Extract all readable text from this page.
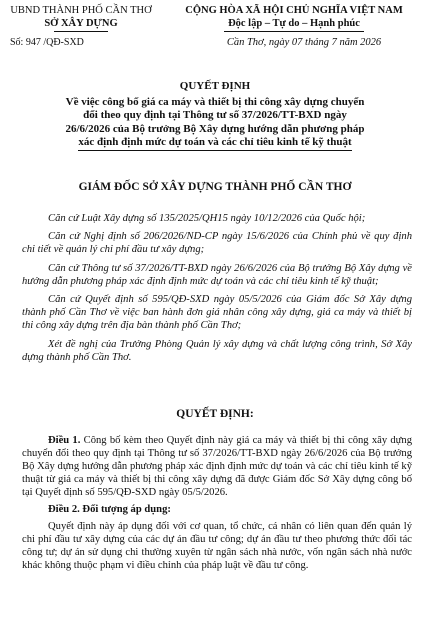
UBND THÀNH PHỐ CẦN THƠ
SỞ XÂY DỰNG
Số: 947 /QĐ-SXD
CỘNG HÒA XÃ HỘI CHỦ NGHĨA VIỆT NAM
Độc lập – Tự do – Hạnh phúc
Cần Thơ, ngày 07 tháng 7 năm 2026
QUYẾT ĐỊNH
Về việc công bố giá ca máy và thiết bị thi công xây dựng chuyển
đổi theo quy định tại Thông tư số 37/2026/TT-BXD ngày
26/6/2026 của Bộ trưởng Bộ Xây dựng hướng dẫn phương pháp
xác định định mức dự toán và các chỉ tiêu kinh tế kỹ thuật
GIÁM ĐỐC SỞ XÂY DỰNG THÀNH PHỐ CẦN THƠ

Căn cứ Luật Xây dựng số 135/2025/QH15 ngày 10/12/2026 của Quốc hội;

Căn cứ Nghị định số 206/2026/ND-CP ngày 15/6/2026 của Chính phủ về quy định chi tiết về quản lý chi phí đầu tư xây dựng;

Căn cứ Thông tư số 37/2026/TT-BXD ngày 26/6/2026 của Bộ trưởng Bộ Xây dựng về hướng dẫn phương pháp xác định định mức dự toán và các chỉ tiêu kinh tế kỹ thuật;

Căn cứ Quyết định số 595/QĐ-SXD ngày 05/5/2026 của Giám đốc Sở Xây dựng thành phố Cần Thơ về việc ban hành đơn giá nhân công xây dựng, giá ca máy và thiết bị thi công xây dựng trên địa bàn thành phố Cần Thơ;

Xét đề nghị của Trưởng Phòng Quản lý xây dựng và chất lượng công trình, Sở Xây dựng thành phố Cần Thơ.

QUYẾT ĐỊNH:

Điều 1. Công bố kèm theo Quyết định này giá ca máy và thiết bị thi công xây dựng chuyển đổi theo quy định tại Thông tư số 37/2026/TT-BXD ngày 26/6/2026 của Bộ trưởng Bộ Xây dựng hướng dẫn phương pháp xác định định mức dự toán và các chỉ tiêu kinh tế kỹ thuật từ giá ca máy và thiết bị thi công xây dựng đã được Giám đốc Sở Xây dựng công bố tại Quyết định số 595/QĐ-SXD ngày 05/5/2026.

Điều 2. Đối tượng áp dụng:

Quyết định này áp dụng đối với cơ quan, tổ chức, cá nhân có liên quan đến quản lý chi phí đầu tư xây dựng của các dự án đầu tư công; dự án đầu tư theo phương thức đối tác công tư; dự án sử dụng chi thường xuyên từ ngân sách nhà nước, vốn ngân sách nhà nước khác không thuộc phạm vi điều chỉnh của pháp luật về đầu tư công.
